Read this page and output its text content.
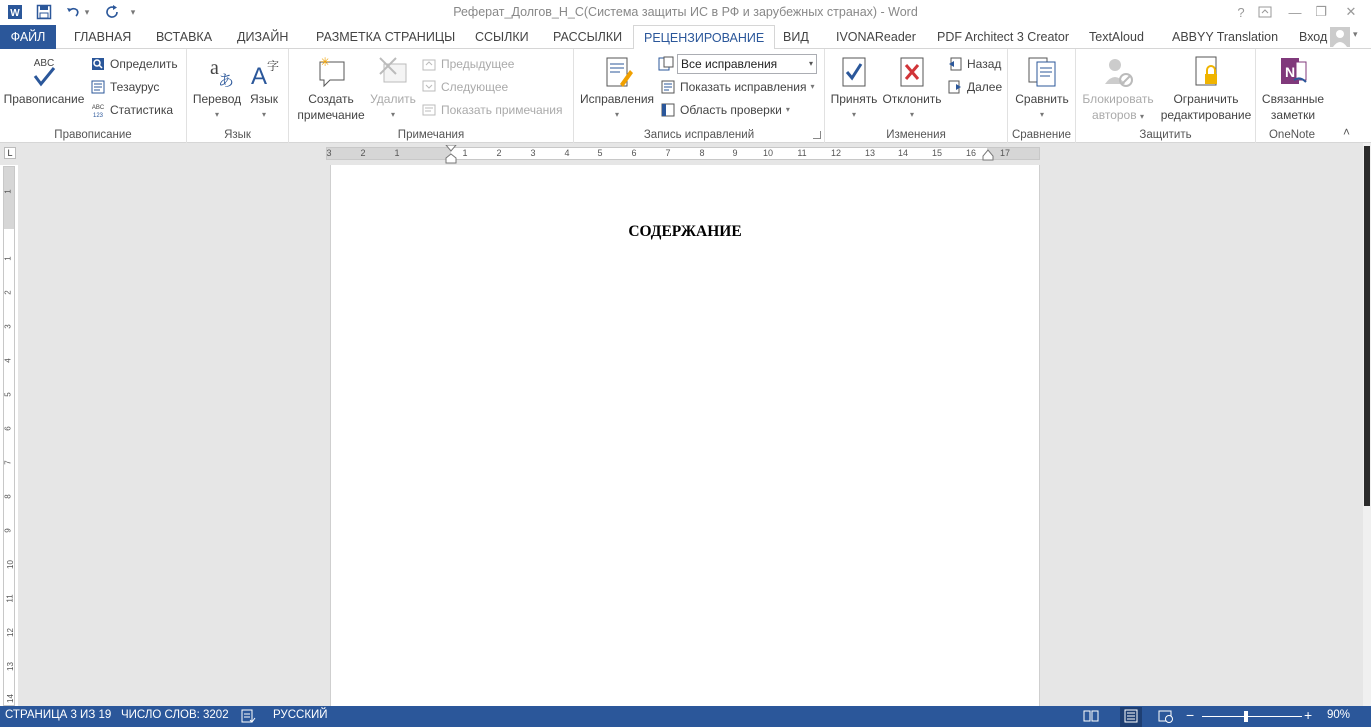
W	▾	▾	Реферат_Долгов_Н_С(Система защиты ИС в РФ и зарубежных странах) - Word	?	—	❐	✕
ФАЙЛ	ГЛАВНАЯ	ВСТАВКА	ДИЗАЙН	РАЗМЕТКА СТРАНИЦЫ	ССЫЛКИ	РАССЫЛКИ	РЕЦЕНЗИРОВАНИЕ	ВИД	IVONAReader	PDF Architect 3 Creator	TextAloud	ABBYY Translation	Вход	▾
ABC
Правописание
Определить
Тезаурус
ABC
123 Статистика
Правописание
a
あ
Перевод
▾
A 字
Язык
▾
Язык
✳
Создать
примечание
Удалить
▾
Предыдущее
Следующее
Показать примечания
Примечания
Исправления
▾
Все исправления	▾
Показать исправления ▾
Область проверки ▾
Запись исправлений
Принять
▾
Отклонить
▾
Назад
Далее
Изменения
Сравнить
▾
Сравнение
Блокировать
авторов ▾
Ограничить
редактирование
Защитить
N
Связанные
заметки
OneNote	˄
L	3	2	1	1	2	3	4	5	6	7	8	9	10	11	12	13	14	15	16	17
1
1
2
3
4
5
6
7
8
9
10
11
12
13
14
СОДЕРЖАНИЕ
СТРАНИЦА 3 ИЗ 19 ЧИСЛО СЛОВ: 3202	РУССКИЙ	−	+ 90%
